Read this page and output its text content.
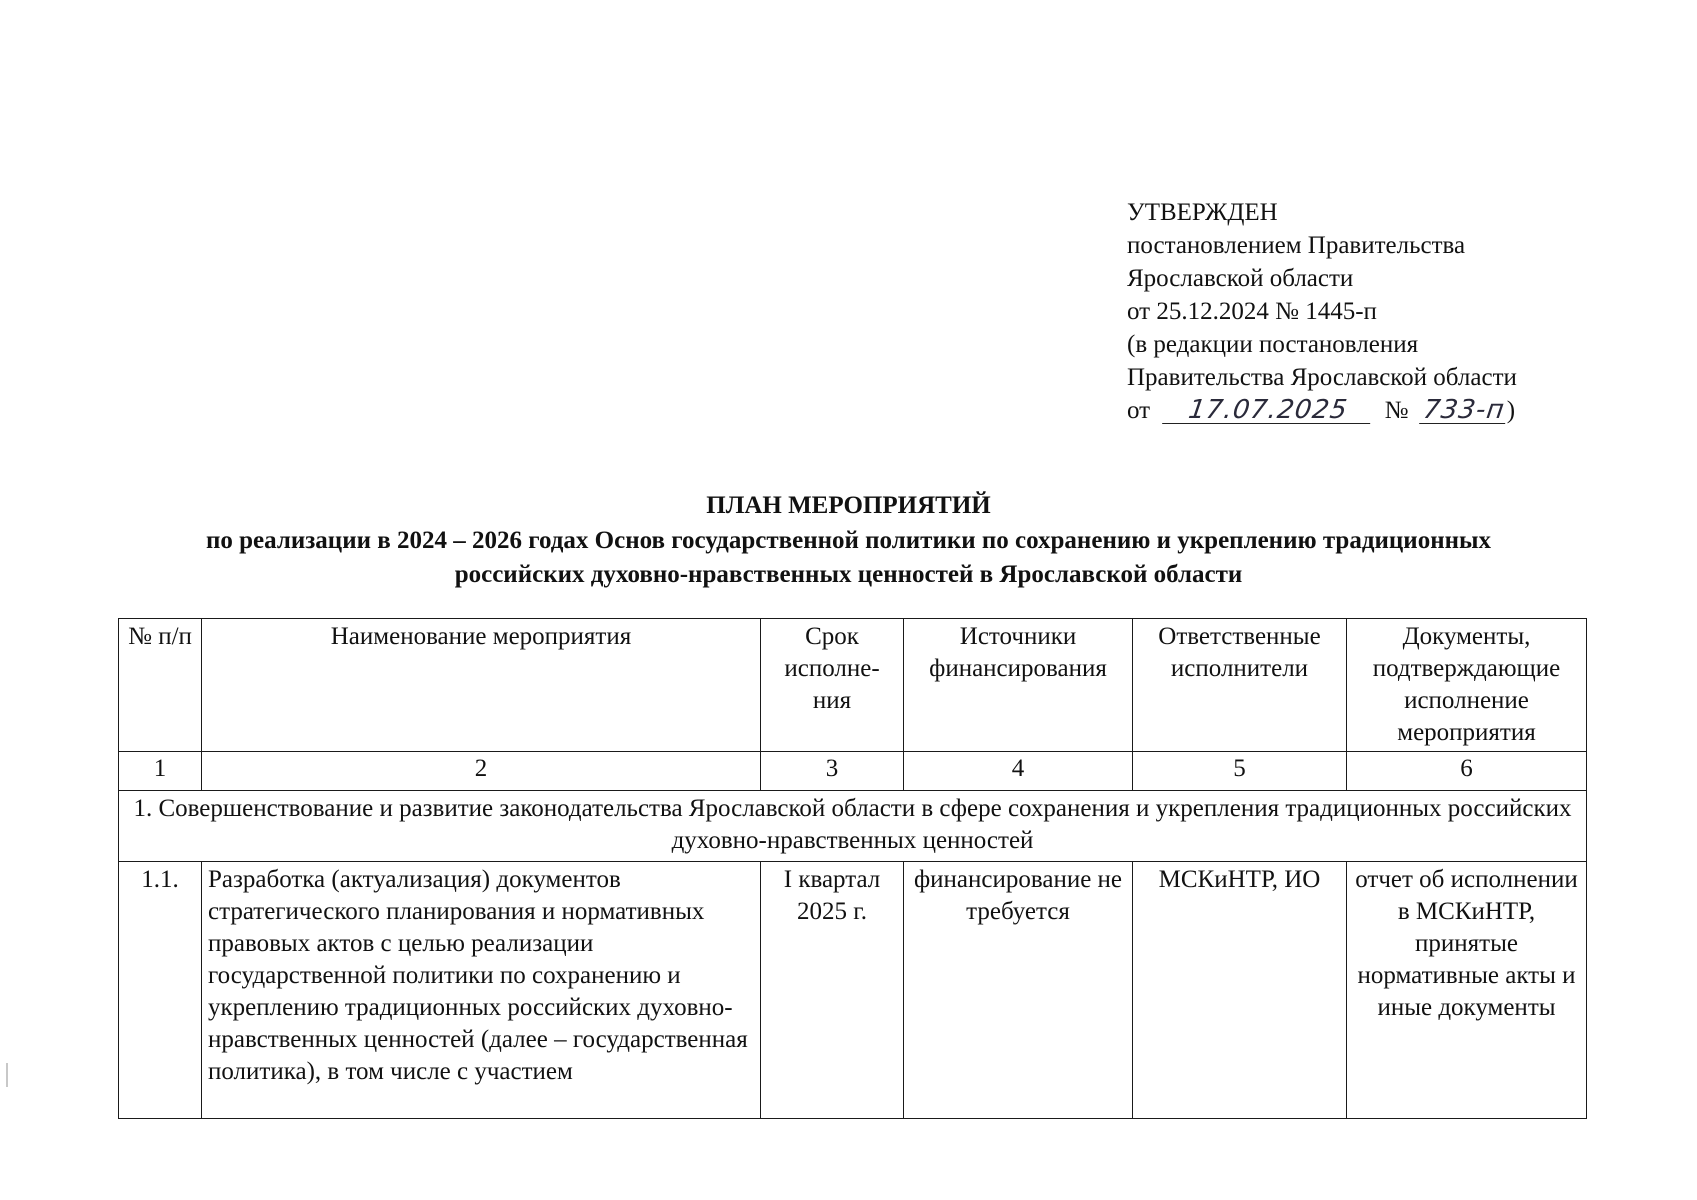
УТВЕРЖДЕН
постановлением Правительства
Ярославской области
от 25.12.2024 № 1445-п
(в редакции постановления
Правительства Ярославской области
от 17.07.2025 № 733-п)
ПЛАН МЕРОПРИЯТИЙ
по реализации в 2024 – 2026 годах Основ государственной политики по сохранению и укреплению традиционных
российских духовно-нравственных ценностей в Ярославской области
№ п/п	Наименование мероприятия	Срок исполне-ния	Источники финансирования	Ответственные исполнители	Документы, подтверждающие исполнение мероприятия
1	2	3	4	5	6
1. Совершенствование и развитие законодательства Ярославской области в сфере сохранения и укрепления традиционных российских духовно-нравственных ценностей					
1.1.	Разработка (актуализация) документов стратегического планирования и нормативных правовых актов с целью реализации государственной политики по сохранению и укреплению традиционных российских духовно-нравственных ценностей (далее – государственная политика), в том числе с участием	I квартал 2025 г.	финансирование не требуется	МСКиНТР, ИО	отчет об исполнении в МСКиНТР, принятые нормативные акты и иные документы
